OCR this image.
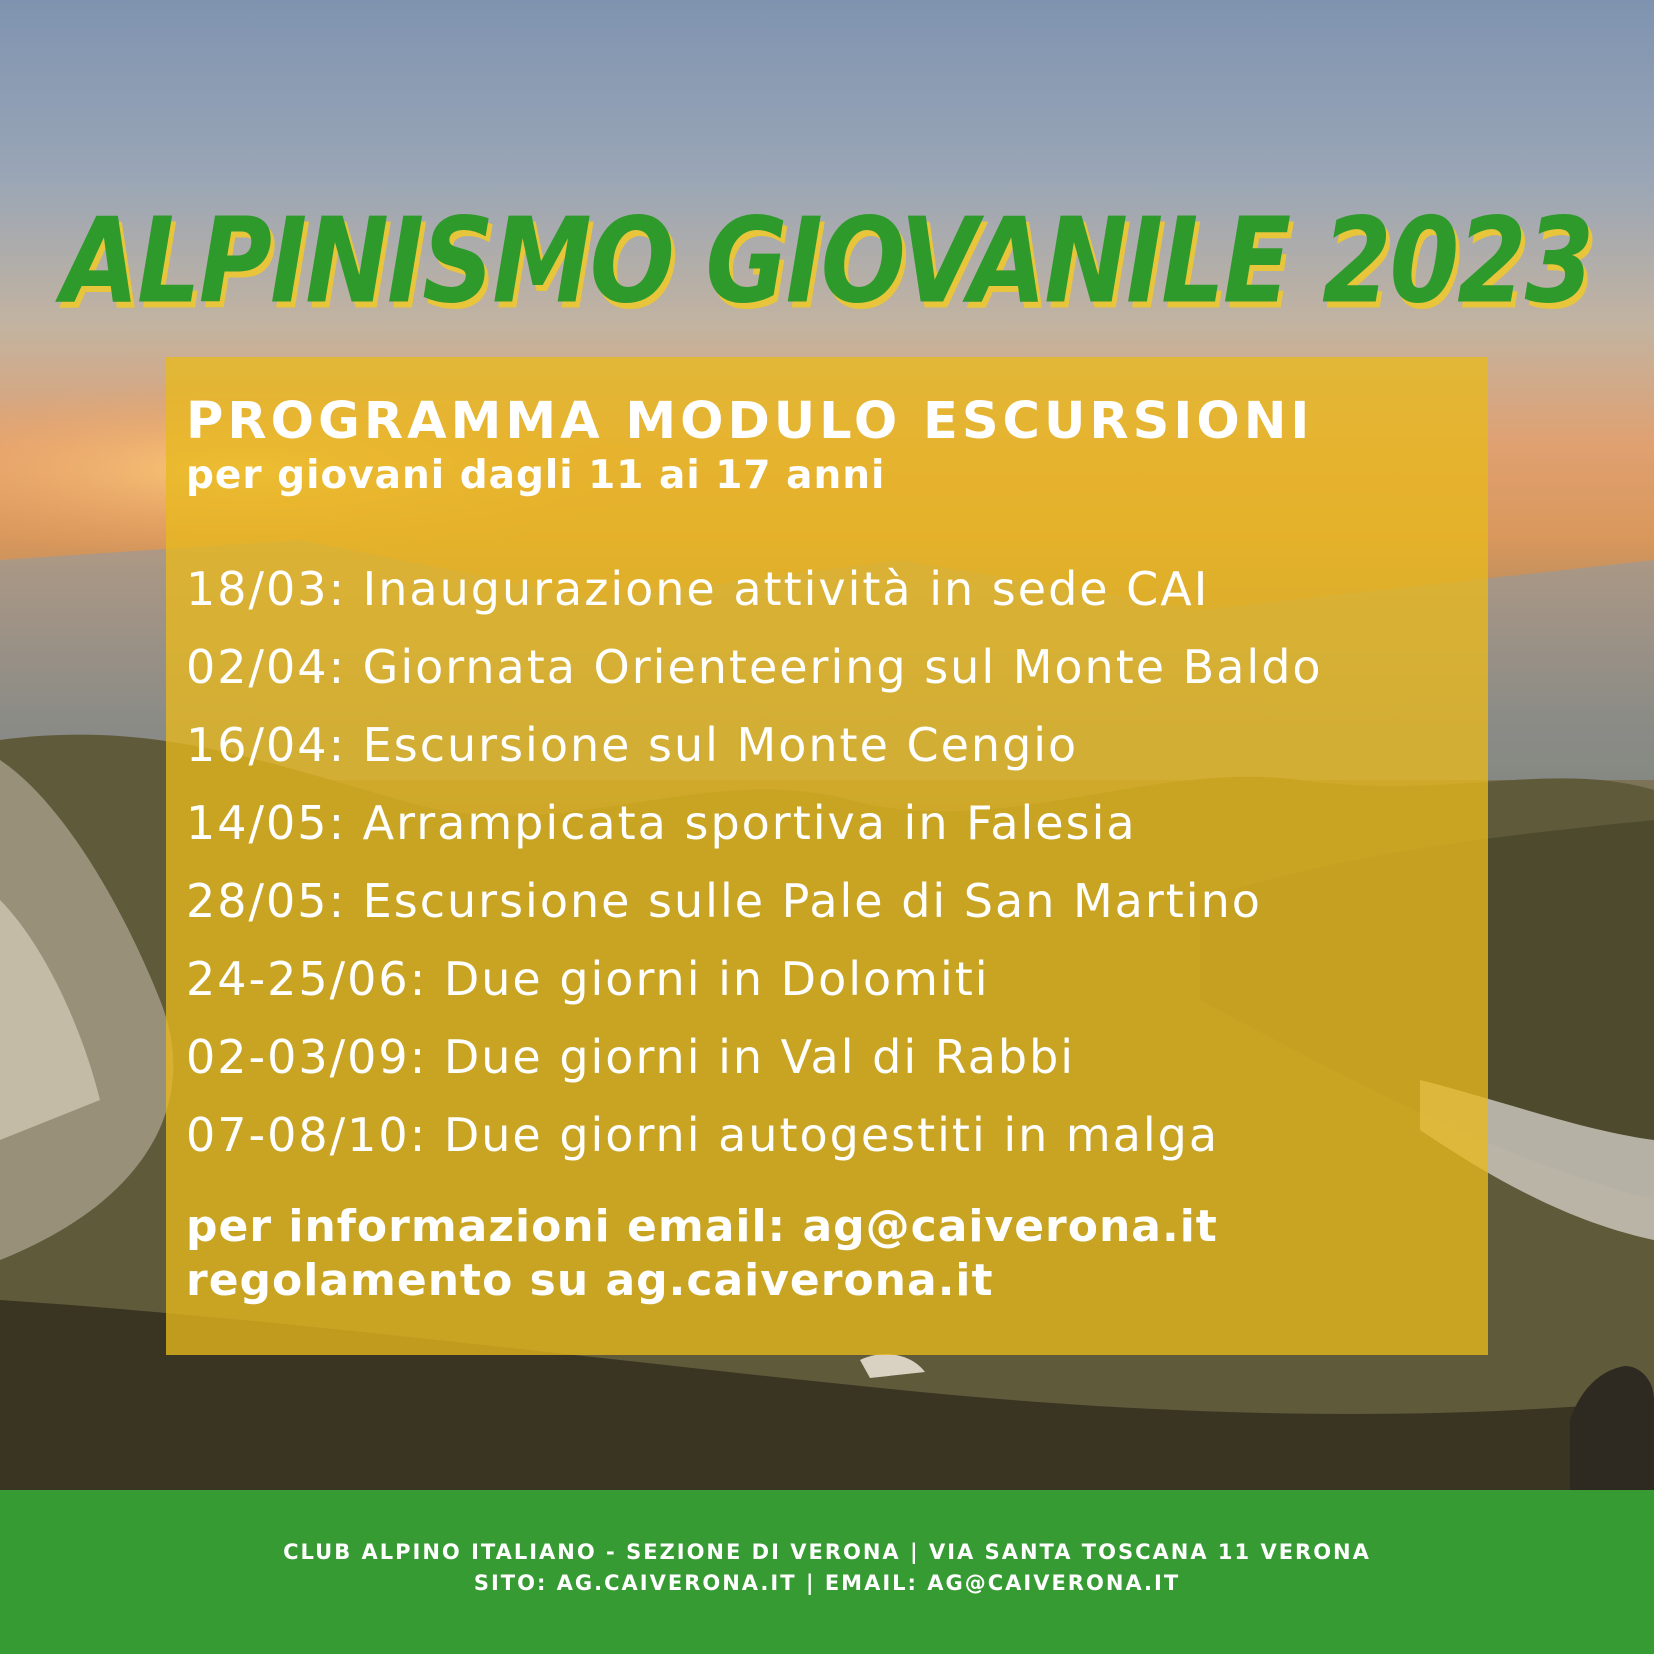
ALPINISMO GIOVANILE 2023
PROGRAMMA MODULO ESCURSIONI
per giovani dagli 11 ai 17 anni
18/03: Inaugurazione attività in sede CAI
02/04: Giornata Orienteering sul Monte Baldo
16/04: Escursione sul Monte Cengio
14/05: Arrampicata sportiva in Falesia
28/05: Escursione sulle Pale di San Martino
24-25/06: Due giorni in Dolomiti
02-03/09: Due giorni in Val di Rabbi
07-08/10: Due giorni autogestiti in malga
per informazioni email: ag@caiverona.it
regolamento su ag.caiverona.it
CLUB ALPINO ITALIANO - SEZIONE DI VERONA | VIA SANTA TOSCANA 11 VERONA
SITO: AG.CAIVERONA.IT | EMAIL: AG@CAIVERONA.IT
